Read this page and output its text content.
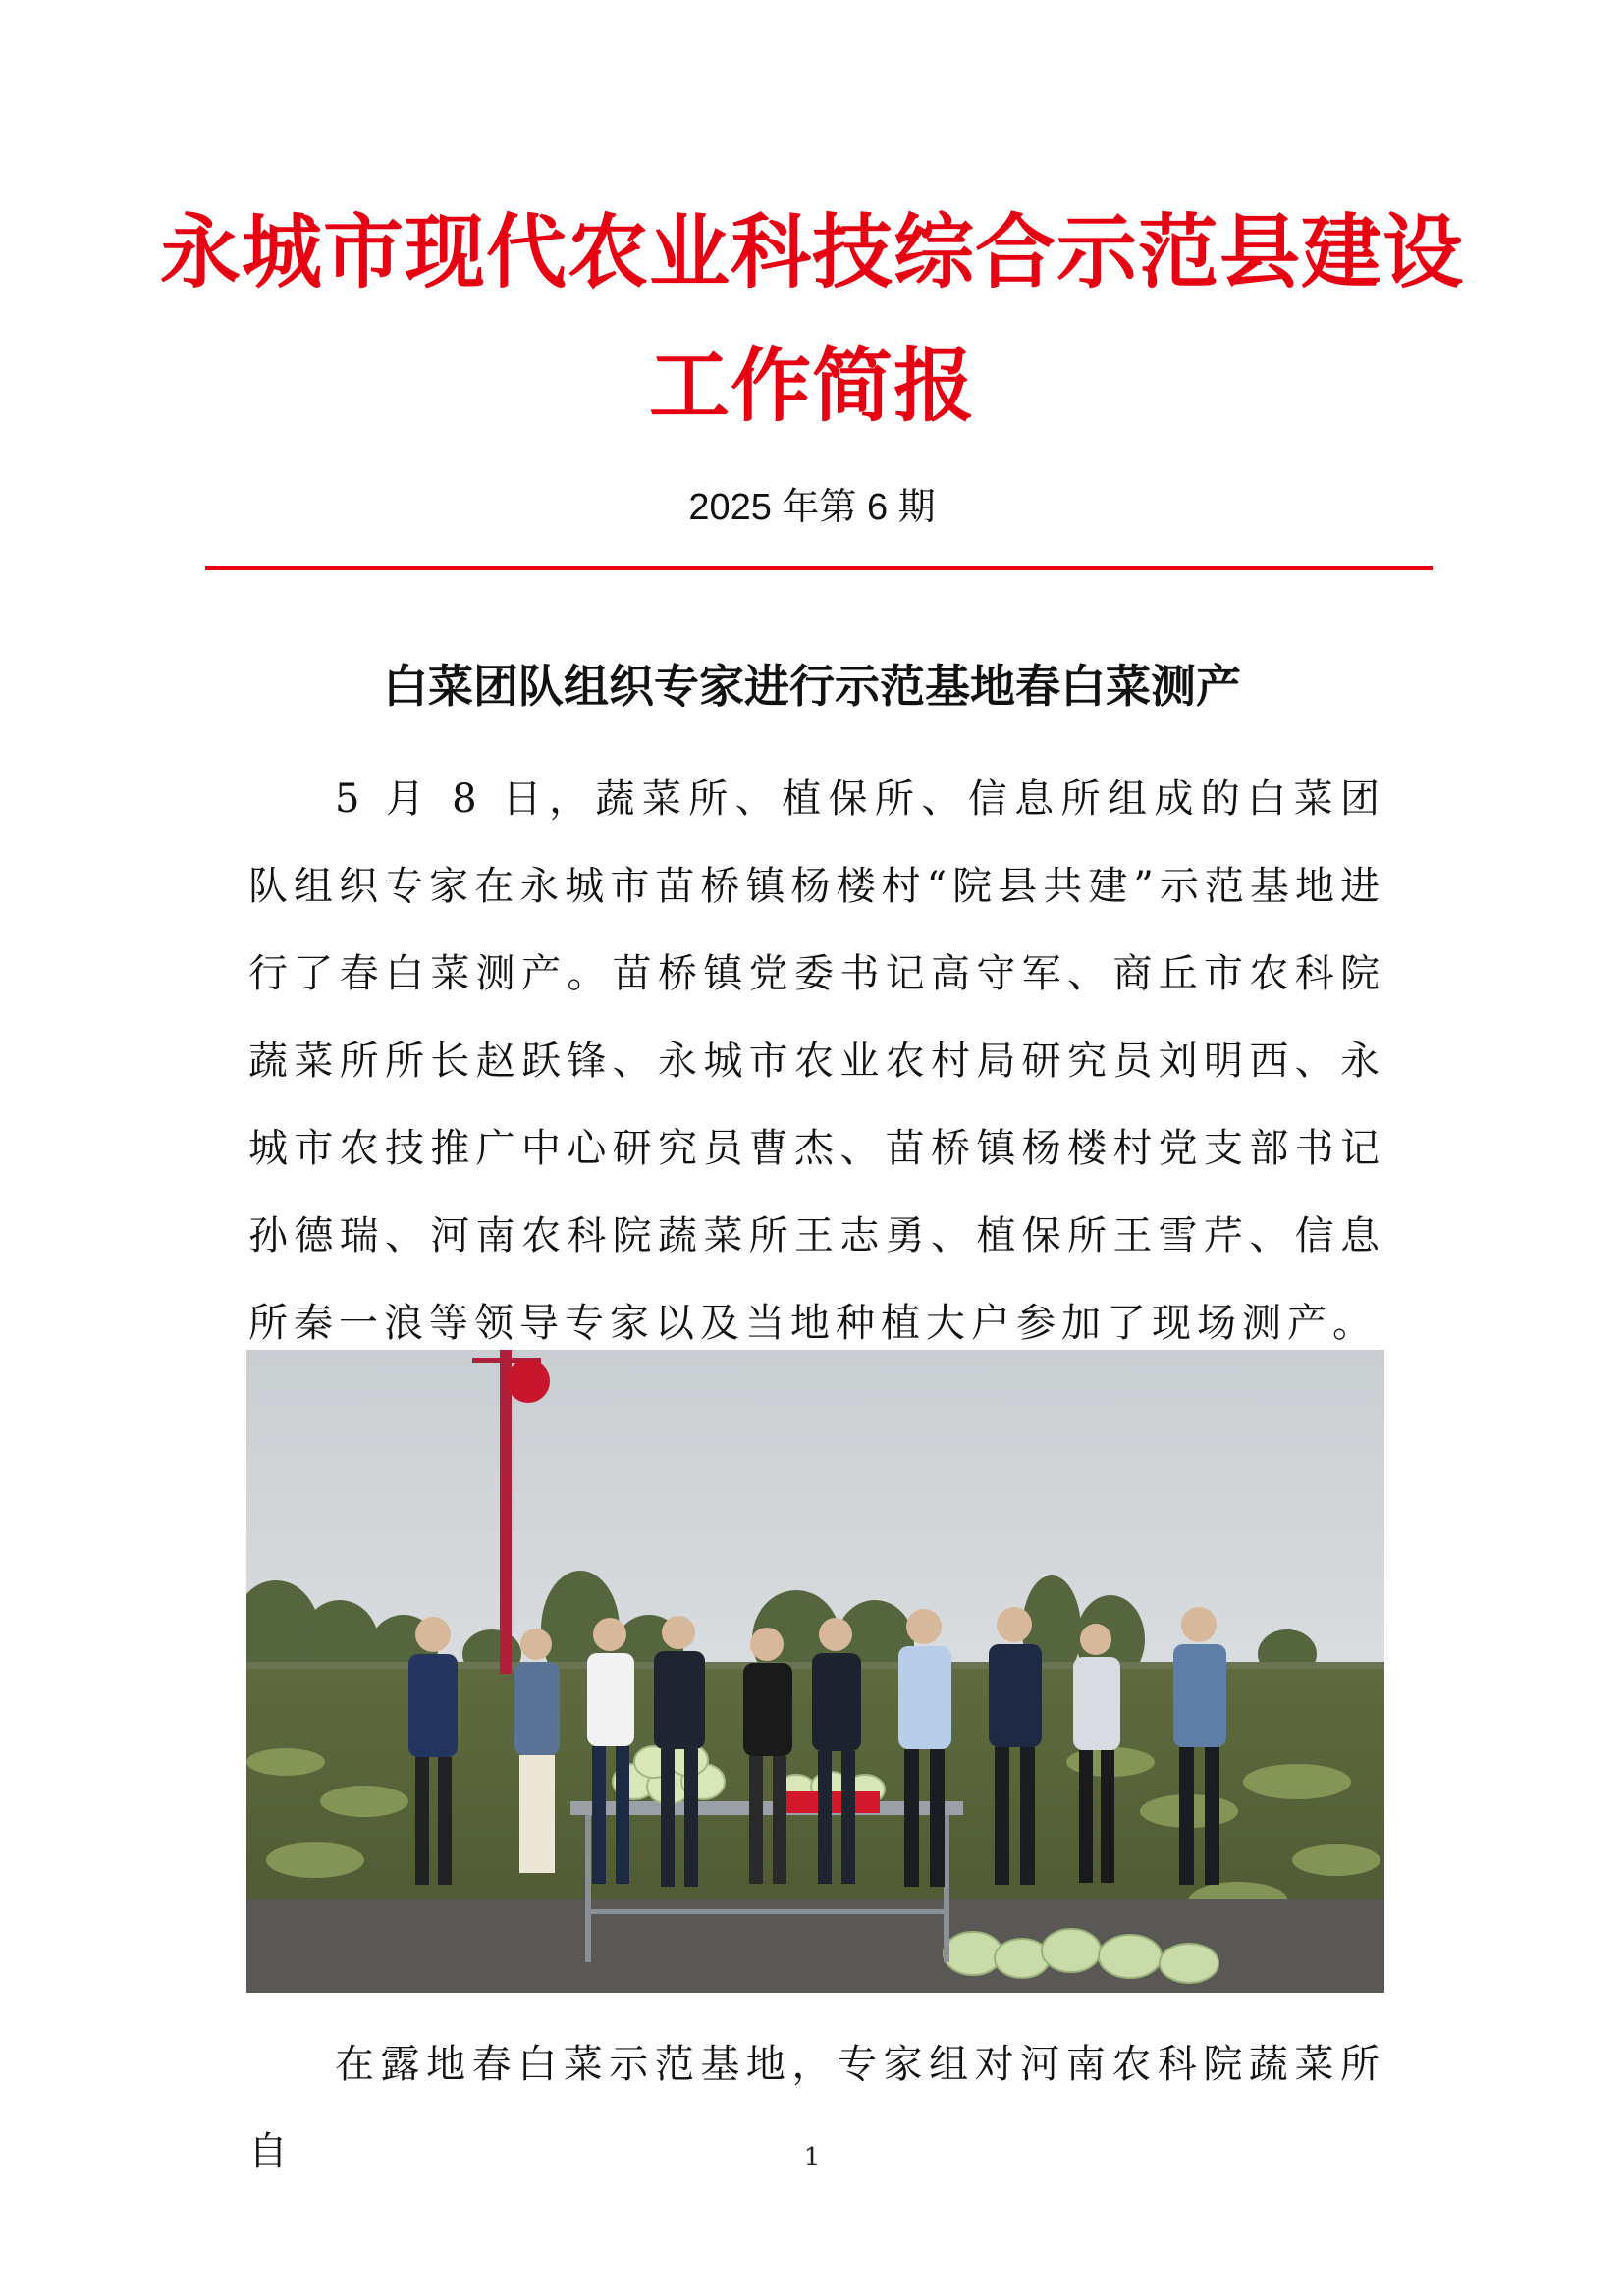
永城市现代农业科技综合示范县建设
工作简报
2025 年第 6 期
白菜团队组织专家进行示范基地春白菜测产

5 月 8 日，蔬菜所、植保所、信息所组成的白菜团队组织专家在永城市苗桥镇杨楼村“院县共建”示范基地进行了春白菜测产。苗桥镇党委书记高守军、商丘市农科院蔬菜所所长赵跃锋、永城市农业农村局研究员刘明西、永城市农技推广中心研究员曹杰、苗桥镇杨楼村党支部书记孙德瑞、河南农科院蔬菜所王志勇、植保所王雪芹、信息所秦一浪等领导专家以及当地种植大户参加了现场测产。

在露地春白菜示范基地，专家组对河南农科院蔬菜所自	1
